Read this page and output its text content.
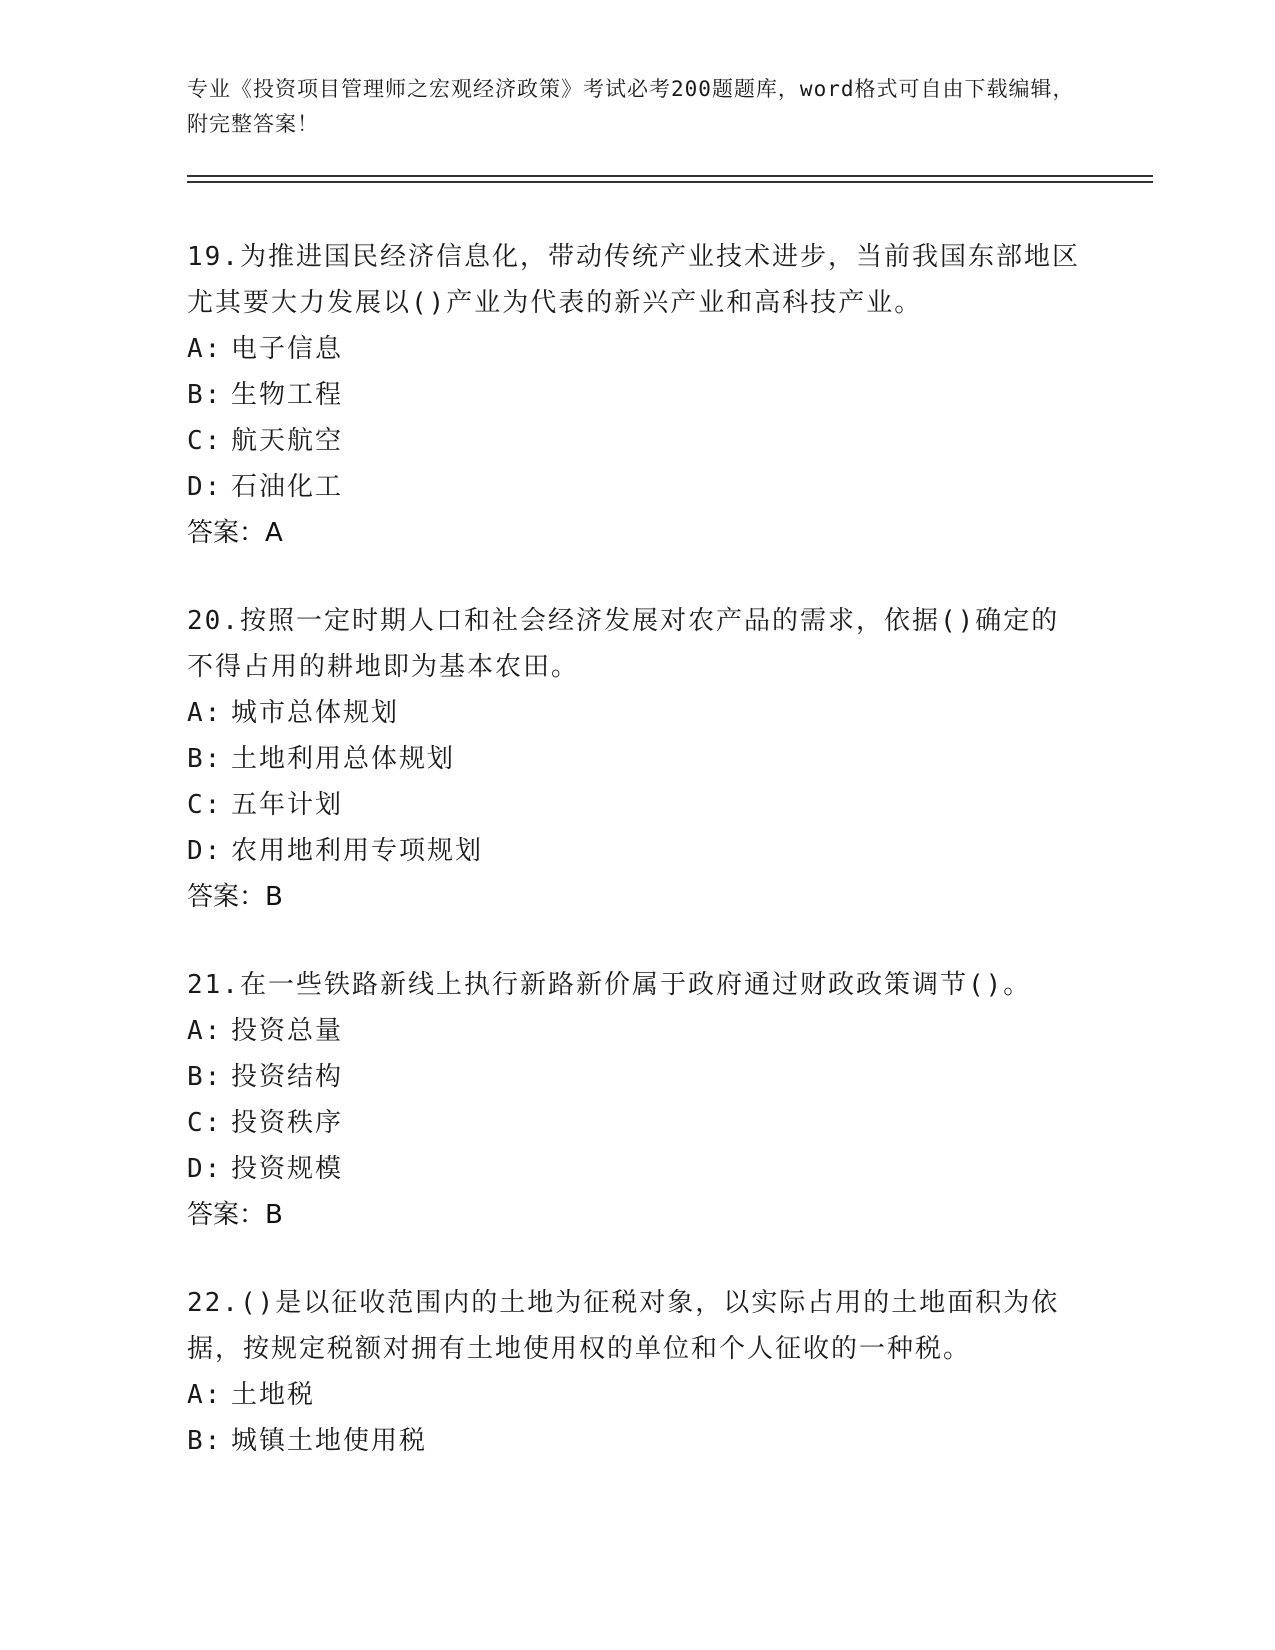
专业《投资项目管理师之宏观经济政策》考试必考200题题库，word格式可自由下载编辑，附完整答案！

19.为推进国民经济信息化，带动传统产业技术进步，当前我国东部地区尤其要大力发展以()产业为代表的新兴产业和高科技产业。

A: 电子信息

B: 生物工程

C: 航天航空

D: 石油化工

答案：A

20.按照一定时期人口和社会经济发展对农产品的需求，依据()确定的不得占用的耕地即为基本农田。

A: 城市总体规划

B: 土地利用总体规划

C: 五年计划

D: 农用地利用专项规划

答案：B

21.在一些铁路新线上执行新路新价属于政府通过财政政策调节()。

A: 投资总量

B: 投资结构

C: 投资秩序

D: 投资规模

答案：B

22.()是以征收范围内的土地为征税对象，以实际占用的土地面积为依据，按规定税额对拥有土地使用权的单位和个人征收的一种税。

A: 土地税

B: 城镇土地使用税
